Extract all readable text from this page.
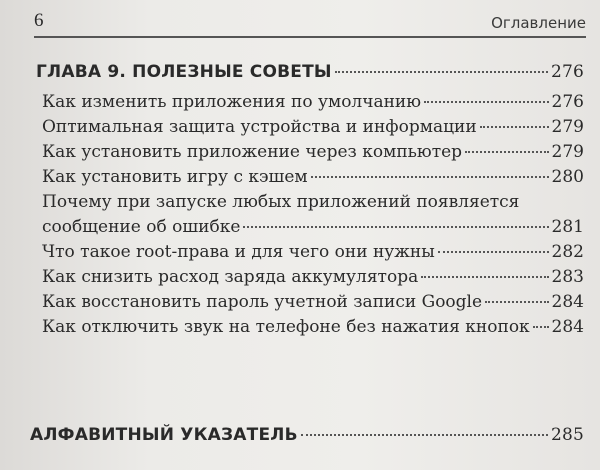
6	Оглавление
ГЛАВА 9. ПОЛЕЗНЫЕ СОВЕТЫ	276
Как изменить приложения по умолчанию	276
Оптимальная защита устройства и информации	279
Как установить приложение через компьютер	279
Как установить игру с кэшем	280
Почему при запуске любых приложений появляется
сообщение об ошибке	281
Что такое root-права и для чего они нужны	282
Как снизить расход заряда аккумулятора	283
Как восстановить пароль учетной записи Google	284
Как отключить звук на телефоне без нажатия кнопок 284
АЛФАВИТНЫЙ УКАЗАТЕЛЬ	285
